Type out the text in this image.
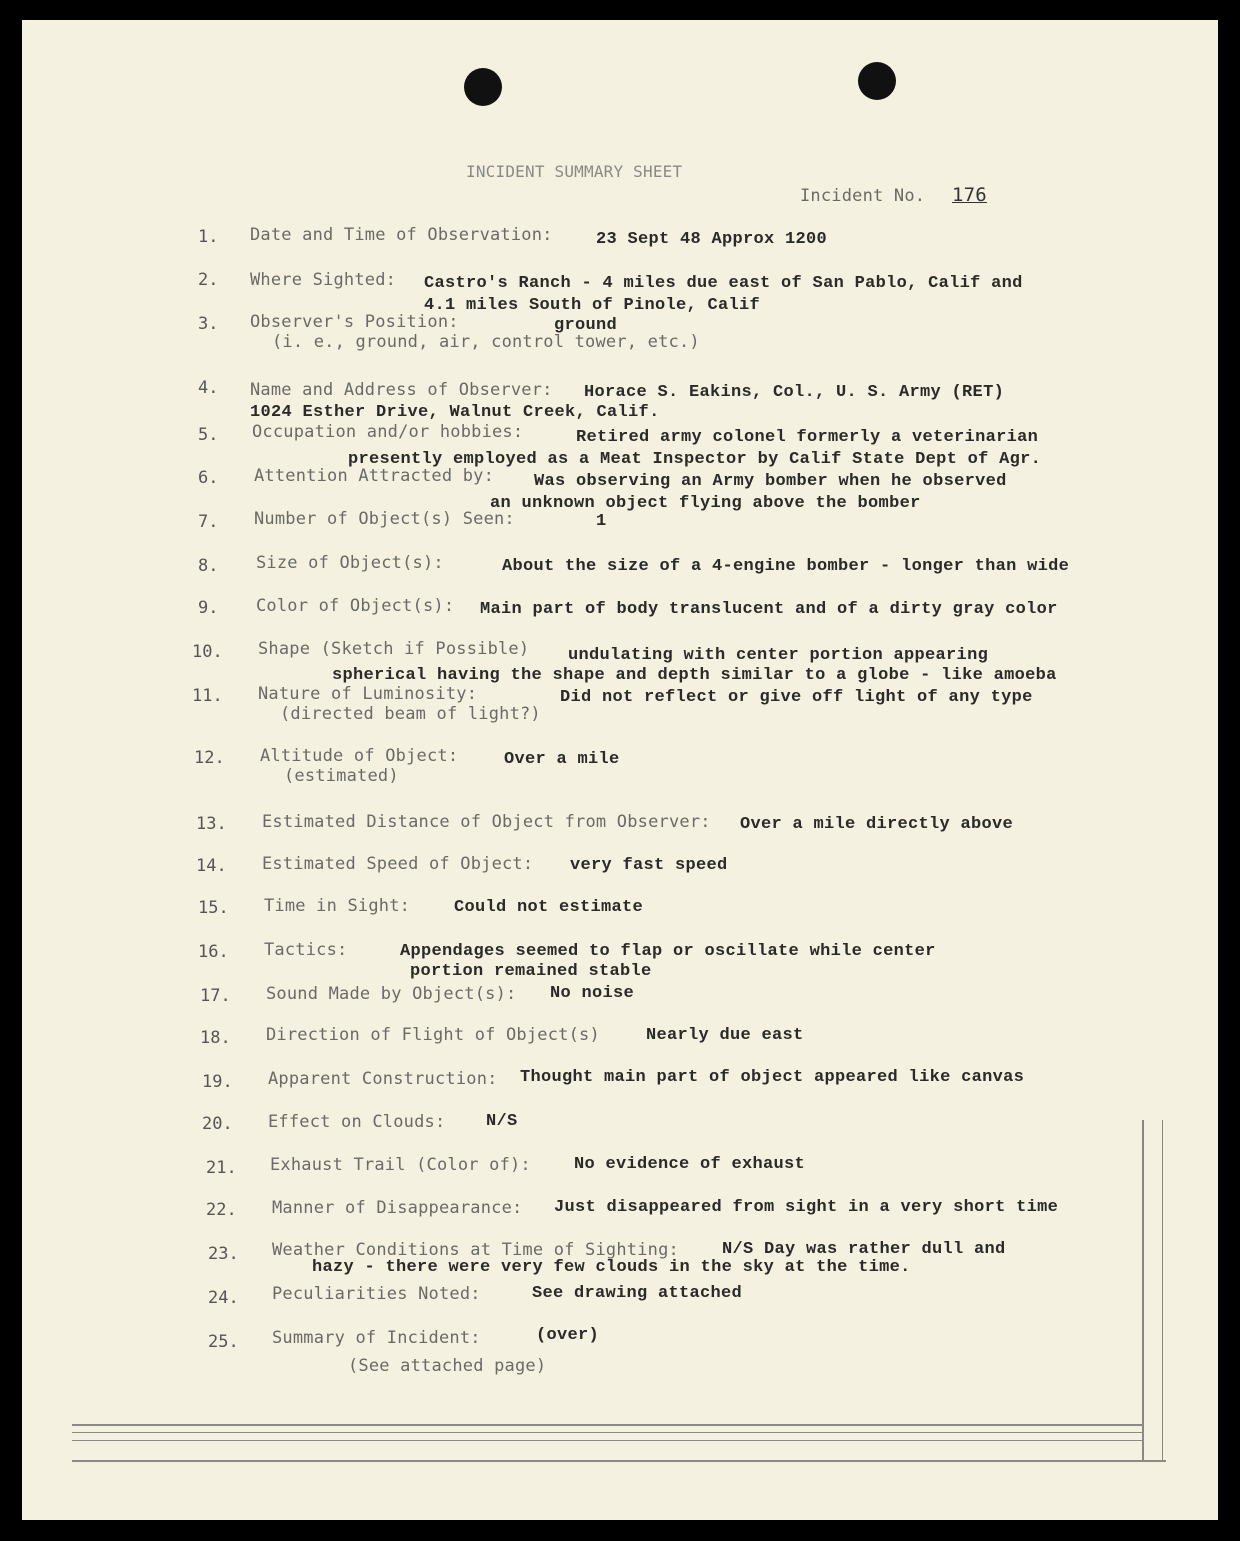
INCIDENT SUMMARY SHEET
Incident No. 176
1. Date and Time of Observation:	23 Sept 48 Approx 1200
2. Where Sighted: Castro's Ranch - 4 miles due east of San Pablo, Calif and
4.1 miles South of Pinole, Calif
3. Observer's Position:	ground
(i. e., ground, air, control tower, etc.)
4. Name and Address of Observer: Horace S. Eakins, Col., U. S. Army (RET)
1024 Esther Drive, Walnut Creek, Calif.
5. Occupation and/or hobbies:	Retired army colonel formerly a veterinarian
presently employed as a Meat Inspector by Calif State Dept of Agr.
6. Attention Attracted by: Was observing an Army bomber when he observed
an unknown object flying above the bomber
7. Number of Object(s) Seen:	1
8. Size of Object(s):	About the size of a 4-engine bomber - longer than wide
9. Color of Object(s): Main part of body translucent and of a dirty gray color
10. Shape (Sketch if Possible) undulating with center portion appearing
spherical having the shape and depth similar to a globe - like amoeba
11. Nature of Luminosity:
(directed beam of light?)
Did not reflect or give off light of any type
12. Altitude of Object:
(estimated)
Over a mile
13. Estimated Distance of Object from Observer: Over a mile directly above
14. Estimated Speed of Object: very fast speed
15. Time in Sight:	Could not estimate
16. Tactics:	Appendages seemed to flap or oscillate while center
portion remained stable
17. Sound Made by Object(s): No noise
18. Direction of Flight of Object(s)	Nearly due east
19. Apparent Construction: Thought main part of object appeared like canvas
20. Effect on Clouds: N/S
21. Exhaust Trail (Color of):	No evidence of exhaust
22. Manner of Disappearance: Just disappeared from sight in a very short time
23. Weather Conditions at Time of Sighting:	N/S Day was rather dull and
hazy - there were very few clouds in the sky at the time.
24. Peculiarities Noted:	See drawing attached
25. Summary of Incident:	(over)
(See attached page)
